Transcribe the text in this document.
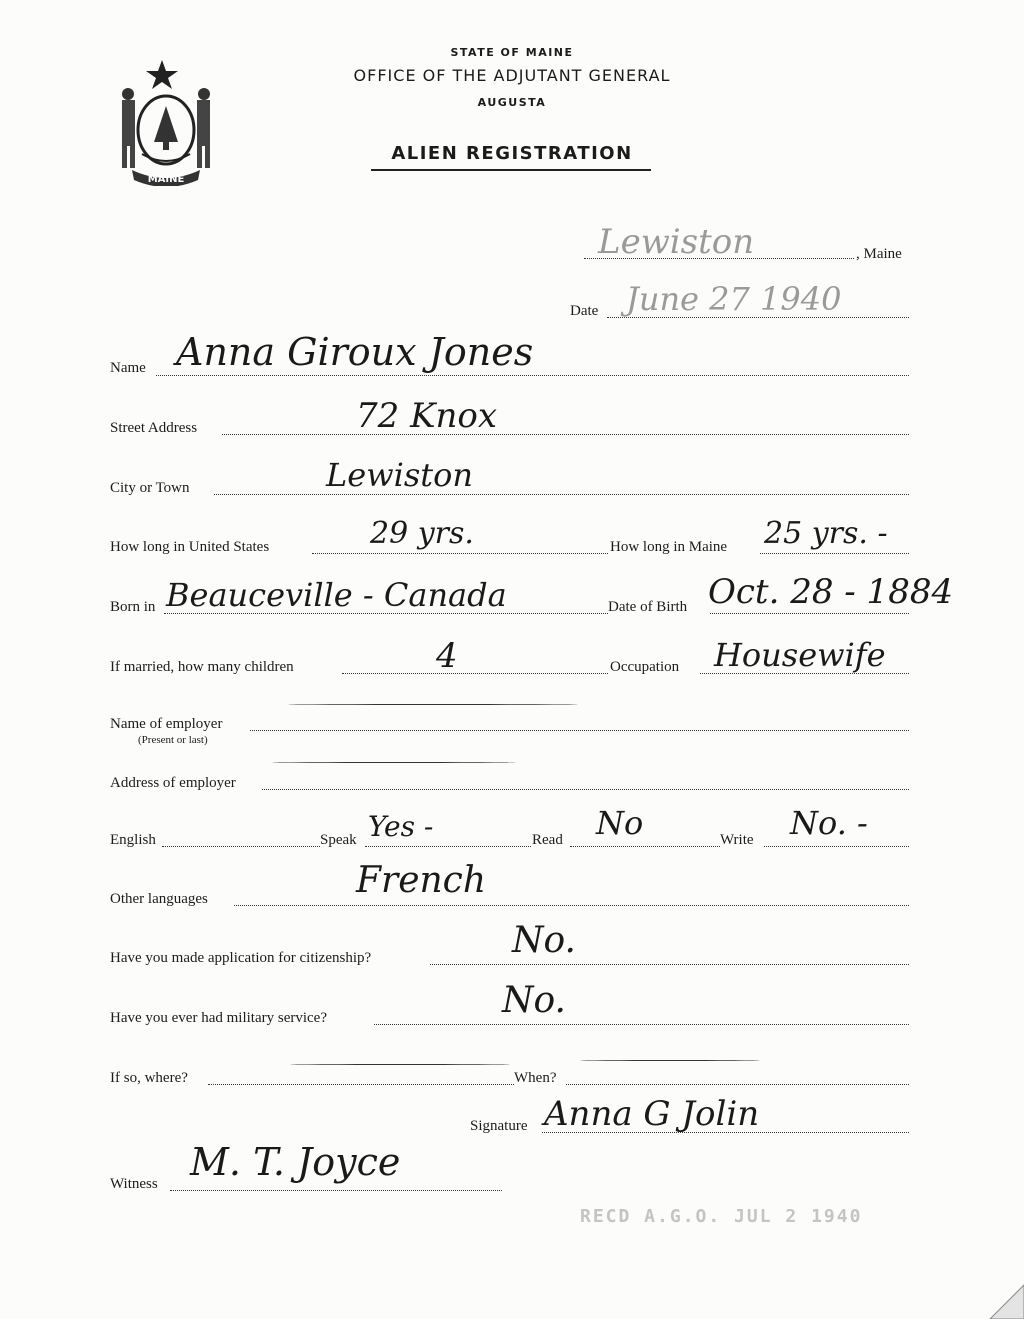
MAINE
STATE OF MAINE
OFFICE OF THE ADJUTANT GENERAL
AUGUSTA
ALIEN REGISTRATION
Lewiston	, Maine
Date June 27 1940
Name Anna Giroux Jones
Street Address	72 Knox
City or Town	Lewiston
How long in United States	29 yrs.	How long in Maine 25 yrs. -
Born in Beauceville - Canada	Date of Birth Oct. 28 - 1884
If married, how many children	4	Occupation Housewife
Name of employer
(Present or last)
Address of employer
English	Speak Yes -	Read No	Write No. -
Other languages	French
Have you made application for citizenship?	No.
Have you ever had military service?	No.
If so, where?	When?
Signature Anna G Jolin
Witness M. T. Joyce
RECD A.G.O. JUL 2 1940
